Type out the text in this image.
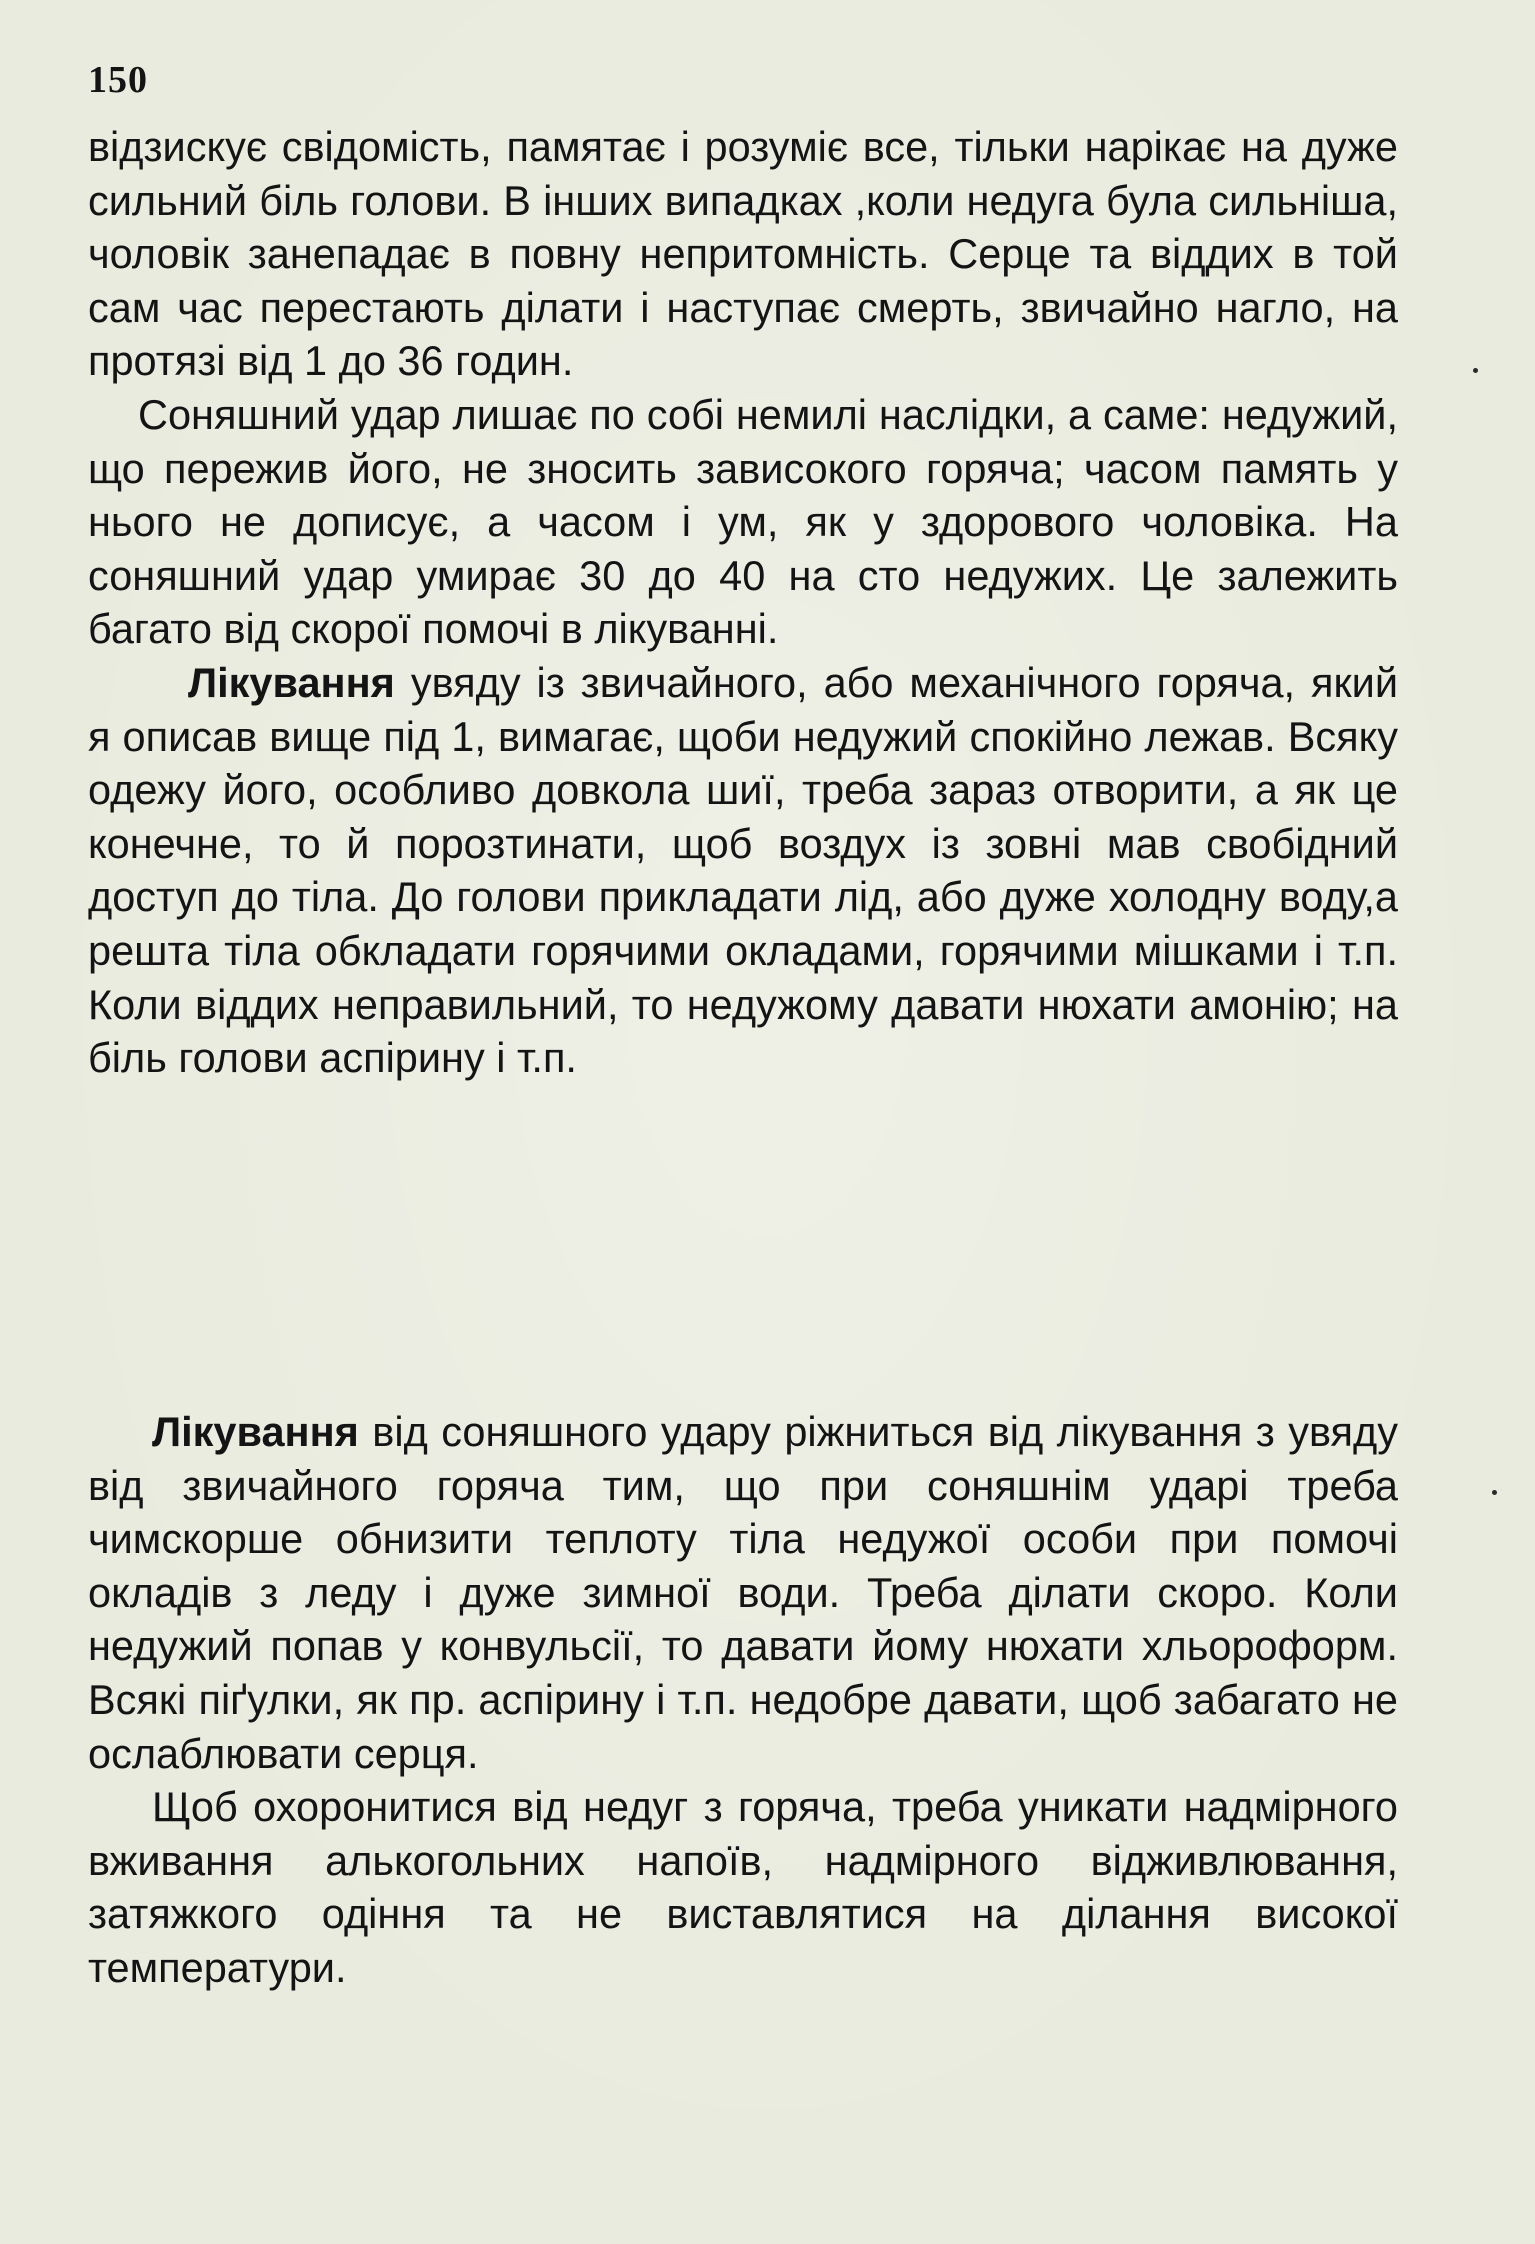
150

відзискує свідомість, памятає і розуміє все, тільки нарікає на дуже сильний біль голови. В інших випадках ,коли недуга була сильніша, чоловік занепадає в повну непритомність. Серце та віддих в той сам час перестають ділати і наступає смерть, звичайно нагло, на протязі від 1 до 36 годин.

Соняшний удар лишає по собі немилі наслідки, а саме: недужий, що пережив його, не зносить зависокого горяча; часом память у нього не дописує, а часом і ум, як у здорового чоловіка. На соняшний удар умирає 30 до 40 на сто недужих. Це залежить багато від скорої помочі в лікуванні.

Лікування увяду із звичайного, або механічного горяча, який я описав вище під 1, вимагає, щоби недужий спокійно лежав. Всяку одежу його, особливо довкола шиї, треба зараз отворити, а як це конечне, то й порозтинати, щоб воздух із зовні мав свобідний доступ до тіла. До голови прикладати лід, або дуже холодну воду,а решта тіла обкладати горячими окладами, горячими мішками і т.п. Коли віддих неправильний, то недужому давати нюхати амонію; на біль голови аспірину і т.п.

Лікування від соняшного удару ріжниться від лікування з увяду від звичайного горяча тим, що при соняшнім ударі треба чимскорше обнизити теплоту тіла недужої особи при помочі окладів з леду і дуже зимної води. Треба ділати скоро. Коли недужий попав у конвульсії, то давати йому нюхати хльороформ. Всякі піґулки, як пр. аспірину і т.п. недобре давати, щоб забагато не ослаблювати серця.

Щоб охоронитися від недуг з горяча, треба уникати надмірного вживання алькогольних напоїв, надмірного відживлювання, затяжкого одіння та не виставлятися на ділання високої температури.
